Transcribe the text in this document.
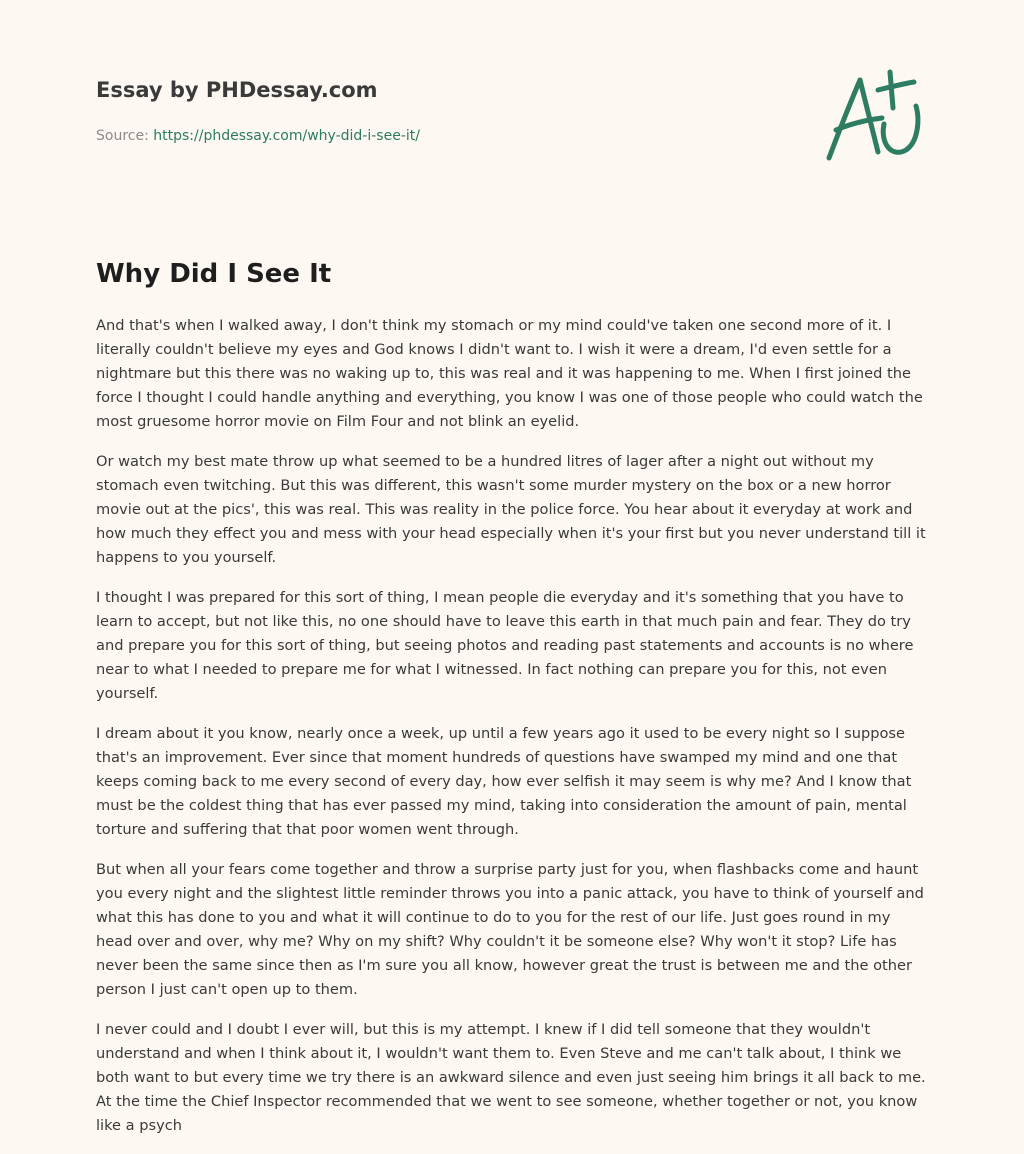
Essay by PHDessay.com
Source: https://phdessay.com/why-did-i-see-it/
Why Did I See It

And that's when I walked away, I don't think my stomach or my mind could've taken one second more of it. I literally couldn't believe my eyes and God knows I didn't want to. I wish it were a dream, I'd even settle for a nightmare but this there was no waking up to, this was real and it was happening to me. When I first joined the force I thought I could handle anything and everything, you know I was one of those people who could watch the most gruesome horror movie on Film Four and not blink an eyelid.

Or watch my best mate throw up what seemed to be a hundred litres of lager after a night out without my stomach even twitching. But this was different, this wasn't some murder mystery on the box or a new horror movie out at the pics', this was real. This was reality in the police force. You hear about it everyday at work and how much they effect you and mess with your head especially when it's your first but you never understand till it happens to you yourself.

I thought I was prepared for this sort of thing, I mean people die everyday and it's something that you have to learn to accept, but not like this, no one should have to leave this earth in that much pain and fear. They do try and prepare you for this sort of thing, but seeing photos and reading past statements and accounts is no where near to what I needed to prepare me for what I witnessed. In fact nothing can prepare you for this, not even yourself.

I dream about it you know, nearly once a week, up until a few years ago it used to be every night so I suppose that's an improvement. Ever since that moment hundreds of questions have swamped my mind and one that keeps coming back to me every second of every day, how ever selfish it may seem is why me? And I know that must be the coldest thing that has ever passed my mind, taking into consideration the amount of pain, mental torture and suffering that that poor women went through.

But when all your fears come together and throw a surprise party just for you, when flashbacks come and haunt you every night and the slightest little reminder throws you into a panic attack, you have to think of yourself and what this has done to you and what it will continue to do to you for the rest of our life. Just goes round in my head over and over, why me? Why on my shift? Why couldn't it be someone else? Why won't it stop? Life has never been the same since then as I'm sure you all know, however great the trust is between me and the other person I just can't open up to them.

I never could and I doubt I ever will, but this is my attempt. I knew if I did tell someone that they wouldn't understand and when I think about it, I wouldn't want them to. Even Steve and me can't talk about, I think we both want to but every time we try there is an awkward silence and even just seeing him brings it all back to me. At the time the Chief Inspector recommended that we went to see someone, whether together or not, you know like a psych
